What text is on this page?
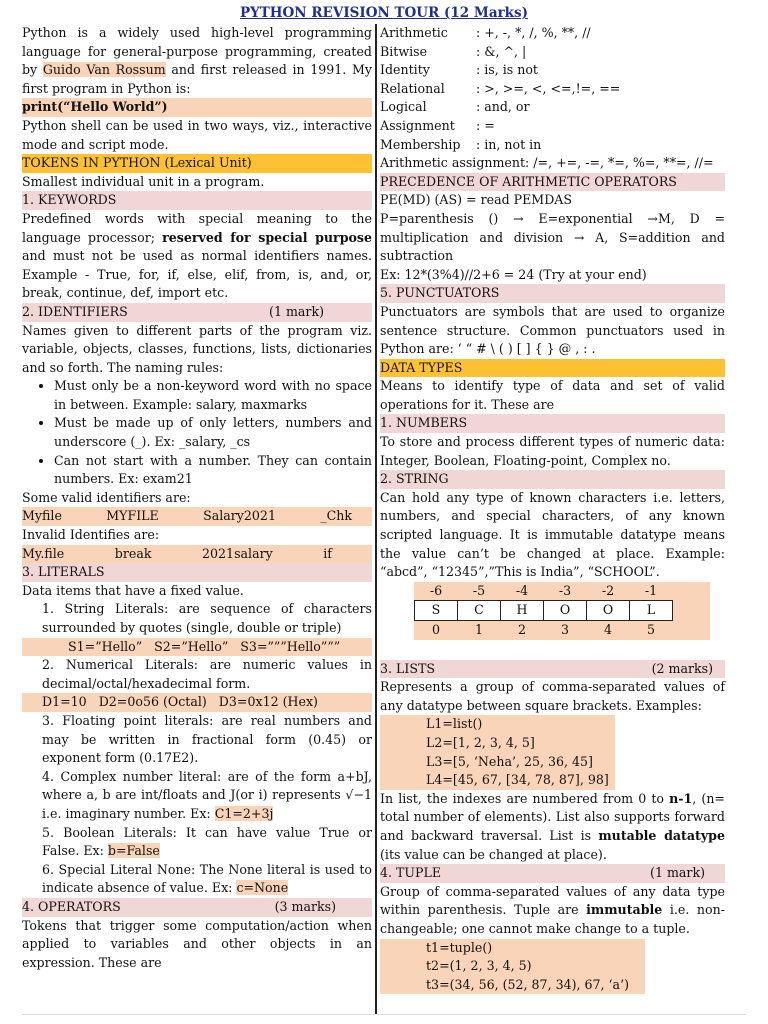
PYTHON REVISION TOUR (12 Marks)
Python is a widely used high-level programming language for general-purpose programming, created by Guido Van Rossum and first released in 1991. My first program in Python is:
print(“Hello World”)
Python shell can be used in two ways, viz., interactive mode and script mode.
TOKENS IN PYTHON (Lexical Unit)
Smallest individual unit in a program.
1. KEYWORDS
Predefined words with special meaning to the language processor; reserved for special purpose and must not be used as normal identifiers names. Example - True, for, if, else, elif, from, is, and, or, break, continue, def, import etc.
2. IDENTIFIERS	(1 mark)
Names given to different parts of the program viz. variable, objects, classes, functions, lists, dictionaries and so forth. The naming rules:
• Must only be a non-keyword word with no space in between. Example: salary, maxmarks
• Must be made up of only letters, numbers and underscore (_). Ex: _salary, _cs
• Can not start with a number. They can contain numbers. Ex: exam21
Some valid identifiers are:
Myfile	MYFILE	Salary2021	_Chk
Invalid Identifies are:
My.file	break	2021salary	if
3. LITERALS
Data items that have a fixed value.
1. String Literals: are sequence of characters surrounded by quotes (single, double or triple)
S1=”Hello”   S2=”Hello”   S3=”””Hello”””
2. Numerical Literals: are numeric values in decimal/octal/hexadecimal form.
D1=10   D2=0o56 (Octal)   D3=0x12 (Hex)
3. Floating point literals: are real numbers and may be written in fractional form (0.45) or exponent form (0.17E2).
4. Complex number literal: are of the form a+bJ, where a, b are int/floats and J(or i) represents √−1 i.e. imaginary number. Ex: C1=2+3j
5. Boolean Literals: It can have value True or False. Ex: b=False
6. Special Literal None: The None literal is used to indicate absence of value. Ex: c=None
4. OPERATORS	(3 marks)
Tokens that trigger some computation/action when applied to variables and other objects in an expression. These are
Arithmetic	: +, -, *, /, %, **, //
Bitwise	: &, ^, |
Identity	: is, is not
Relational	: >, >=, <, <=,!=, ==
Logical	: and, or
Assignment	: =
Membership	: in, not in
Arithmetic assignment: /=, +=, -=, *=, %=, **=, //=
PRECEDENCE OF ARITHMETIC OPERATORS
PE(MD) (AS) = read PEMDAS
P=parenthesis () → E=exponential →M, D = multiplication and division → A, S=addition and subtraction
Ex: 12*(3%4)//2+6 = 24 (Try at your end)
5. PUNCTUATORS
Punctuators are symbols that are used to organize sentence structure. Common punctuators used in Python are: ‘ “ # \ ( ) [ ] { } @ , : .
DATA TYPES
Means to identify type of data and set of valid operations for it. These are
1. NUMBERS
To store and process different types of numeric data: Integer, Boolean, Floating-point, Complex no.
2. STRING
Can hold any type of known characters i.e. letters, numbers, and special characters, of any known scripted language. It is immutable datatype means the value can’t be changed at place. Example: “abcd”, “12345”,”This is India”, “SCHOOL”.
-6	-5	-4	-3	-2	-1
S	C	H	O	O	L
0	1	2	3	4	5
3. LISTS	(2 marks)
Represents a group of comma-separated values of any datatype between square brackets. Examples:
L1=list()
L2=[1, 2, 3, 4, 5]
L3=[5, ‘Neha’, 25, 36, 45]
L4=[45, 67, [34, 78, 87], 98]
In list, the indexes are numbered from 0 to n-1, (n= total number of elements). List also supports forward and backward traversal. List is mutable datatype (its value can be changed at place).
4. TUPLE	(1 mark)
Group of comma-separated values of any data type within parenthesis. Tuple are immutable i.e. non-changeable; one cannot make change to a tuple.
t1=tuple()
t2=(1, 2, 3, 4, 5)
t3=(34, 56, (52, 87, 34), 67, ‘a’)
